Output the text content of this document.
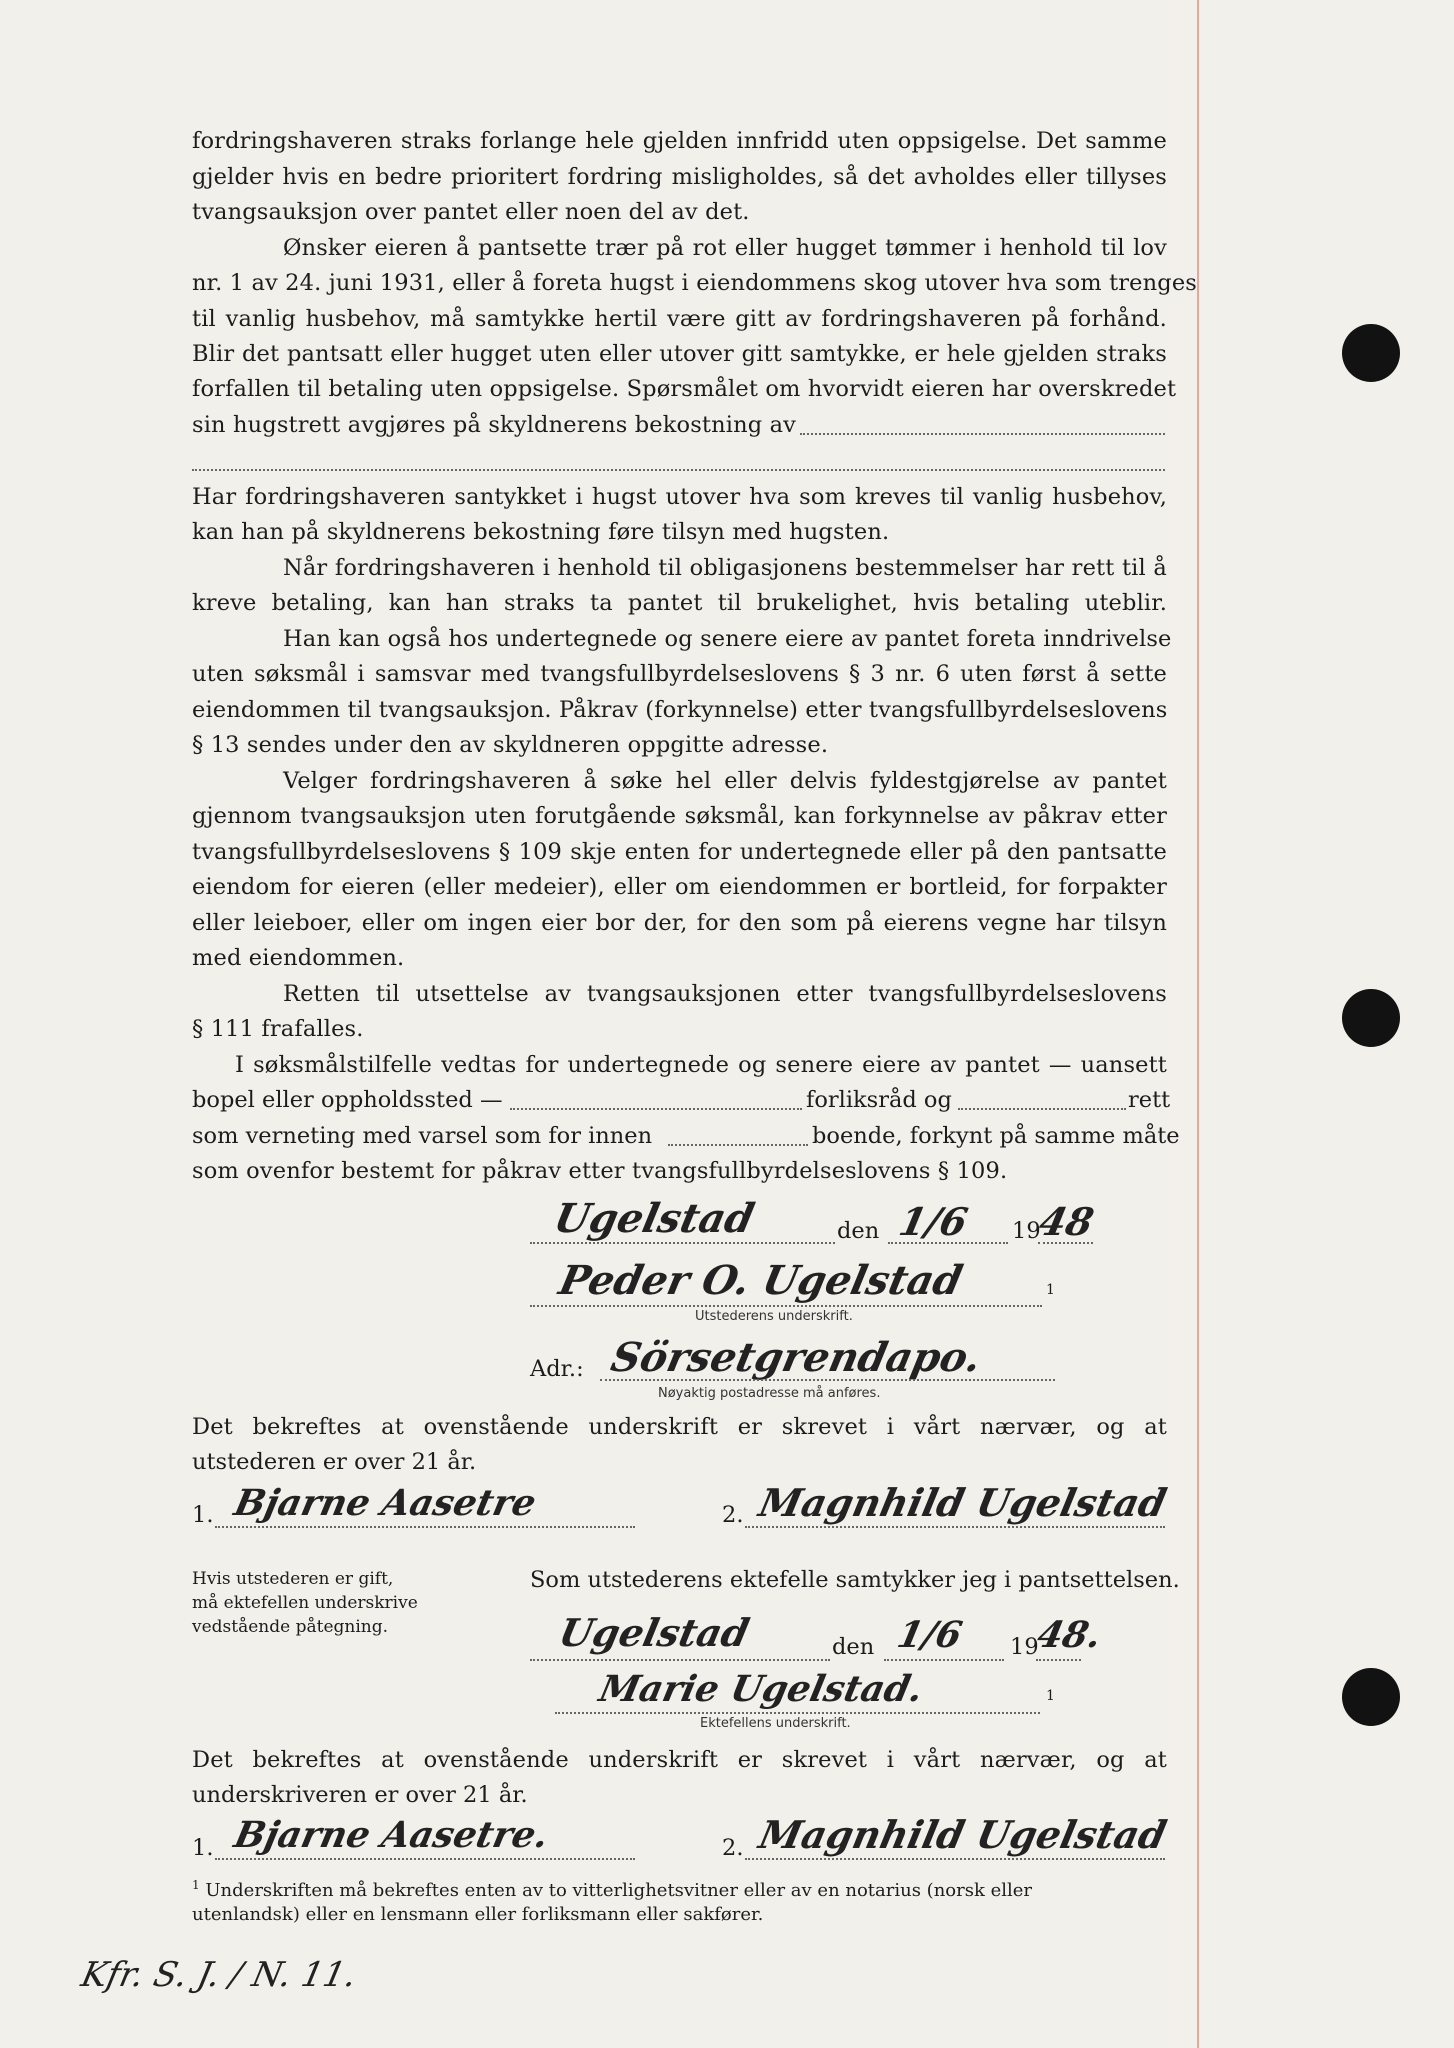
fordringshaveren straks forlange hele gjelden innfridd uten oppsigelse. Det samme
gjelder hvis en bedre prioritert fordring misligholdes, så det avholdes eller tillyses
tvangsauksjon over pantet eller noen del av det.
Ønsker eieren å pantsette trær på rot eller hugget tømmer i henhold til lov
nr. 1 av 24. juni 1931, eller å foreta hugst i eiendommens skog utover hva som trenges
til vanlig husbehov, må samtykke hertil være gitt av fordringshaveren på forhånd.
Blir det pantsatt eller hugget uten eller utover gitt samtykke, er hele gjelden straks
forfallen til betaling uten oppsigelse. Spørsmålet om hvorvidt eieren har overskredet
sin hugstrett avgjøres på skyldnerens bekostning av
Har fordringshaveren santykket i hugst utover hva som kreves til vanlig husbehov,
kan han på skyldnerens bekostning føre tilsyn med hugsten.
Når fordringshaveren i henhold til obligasjonens bestemmelser har rett til å
kreve betaling, kan han straks ta pantet til brukelighet, hvis betaling uteblir.
Han kan også hos undertegnede og senere eiere av pantet foreta inndrivelse
uten søksmål i samsvar med tvangsfullbyrdelseslovens § 3 nr. 6 uten først å sette
eiendommen til tvangsauksjon. Påkrav (forkynnelse) etter tvangsfullbyrdelseslovens
§ 13 sendes under den av skyldneren oppgitte adresse.
Velger fordringshaveren å søke hel eller delvis fyldestgjørelse av pantet
gjennom tvangsauksjon uten forutgående søksmål, kan forkynnelse av påkrav etter
tvangsfullbyrdelseslovens § 109 skje enten for undertegnede eller på den pantsatte
eiendom for eieren (eller medeier), eller om eiendommen er bortleid, for forpakter
eller leieboer, eller om ingen eier bor der, for den som på eierens vegne har tilsyn
med eiendommen.
Retten til utsettelse av tvangsauksjonen etter tvangsfullbyrdelseslovens
§ 111 frafalles.
I søksmålstilfelle vedtas for undertegnede og senere eiere av pantet — uansett
bopel eller oppholdssted —	forliksråd og	rett
som verneting med varsel som for innen	boende, forkynt på samme måte
som ovenfor bestemt for påkrav etter tvangsfullbyrdelseslovens § 109.
Ugelstad	den 1/6 19
48
Peder O. Ugelstad	1
Utstederens underskrift.
Adr.: Sörsetgrendapo.
Nøyaktig postadresse må anføres.
Det bekreftes at ovenstående underskrift er skrevet i vårt nærvær, og at
utstederen er over 21 år.
1. Bjarne Aasetre	2. Magnhild Ugelstad
Hvis utstederen er gift,
må ektefellen underskrive
vedstående påtegning.
Som utstederens ektefelle samtykker jeg i pantsettelsen.
Ugelstad	den 1/6 19
48.
Marie Ugelstad.	1
Ektefellens underskrift.
Det bekreftes at ovenstående underskrift er skrevet i vårt nærvær, og at
underskriveren er over 21 år.
1. Bjarne Aasetre.	2. Magnhild Ugelstad
$^1$ Underskriften må bekreftes enten av to vitterlighetsvitner eller av en notarius (norsk eller
utenlandsk) eller en lensmann eller forliksmann eller sakfører.
Kfr. S. J. / N. 11.
